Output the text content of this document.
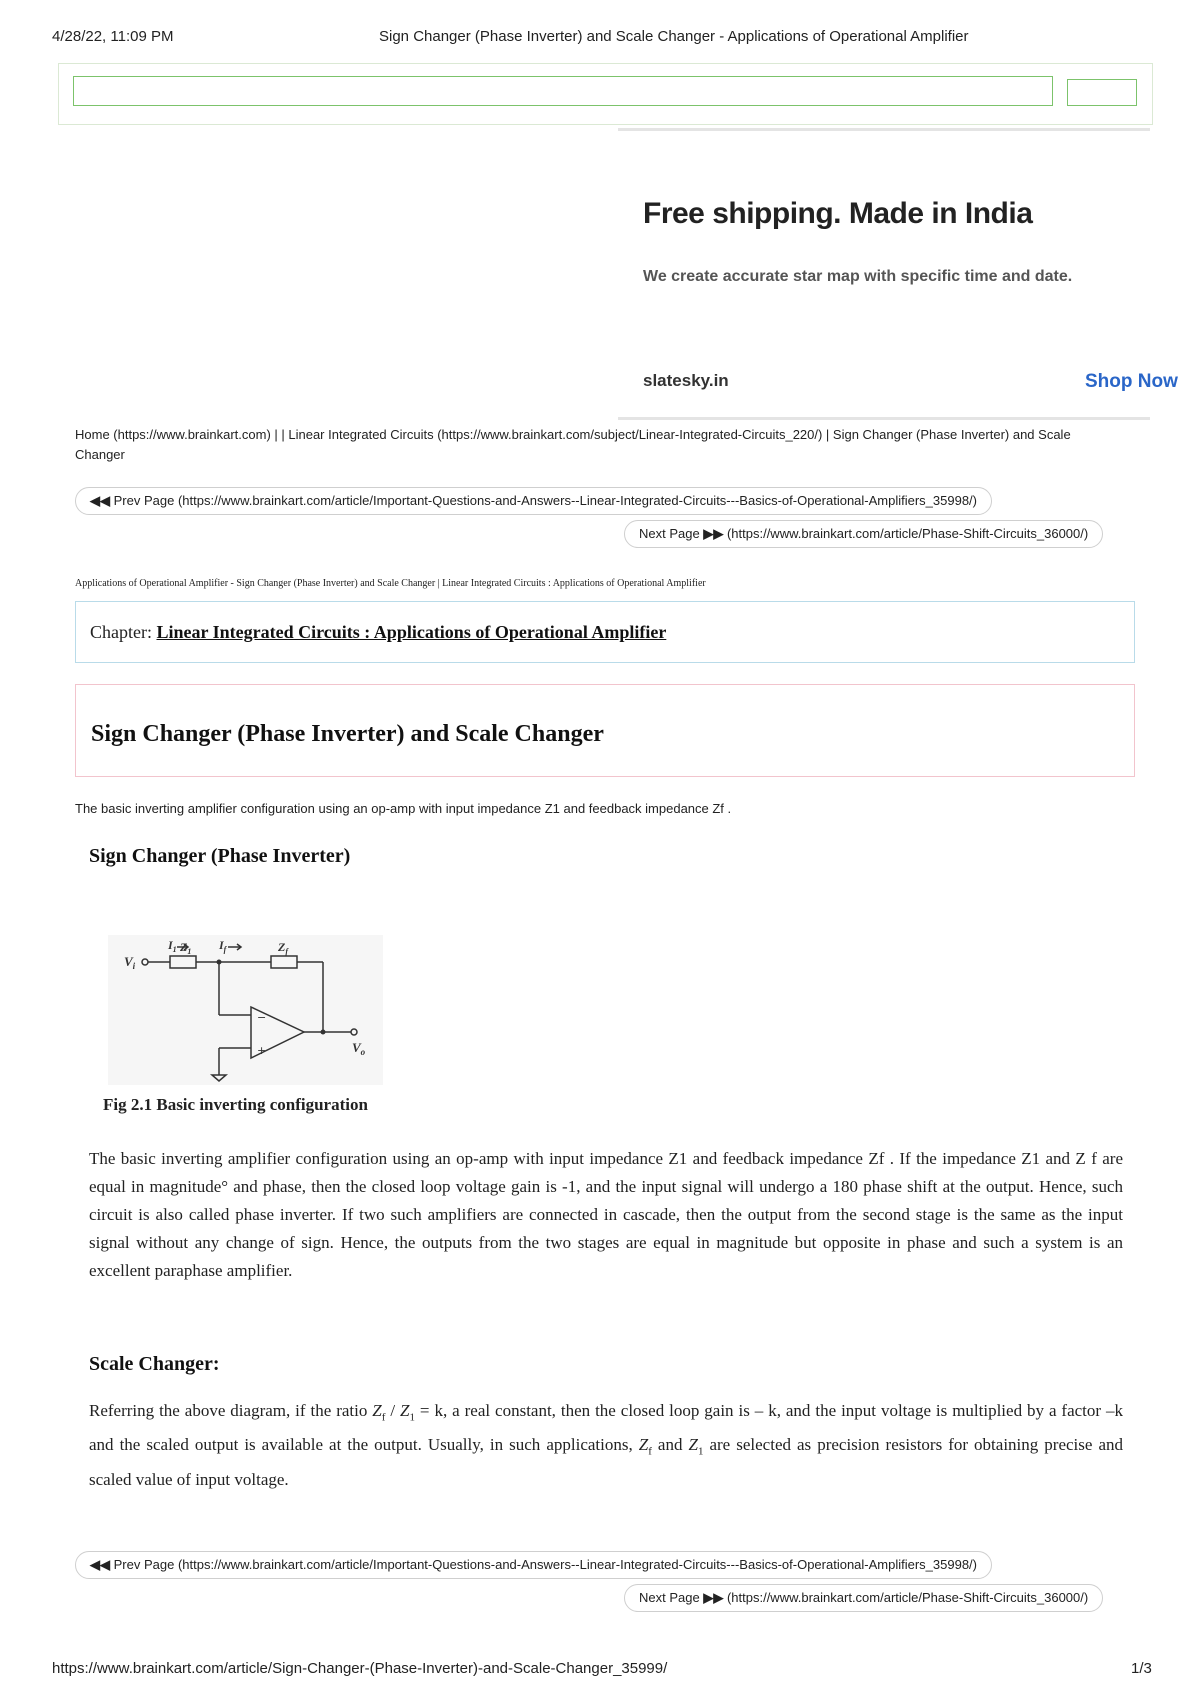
4/28/22, 11:09 PM	Sign Changer (Phase Inverter) and Scale Changer - Applications of Operational Amplifier
Free shipping. Made in India
We create accurate star map with specific time and date.
slatesky.in	Shop Now
Home (https://www.brainkart.com) | | Linear Integrated Circuits (https://www.brainkart.com/subject/Linear-Integrated-Circuits_220/) | Sign Changer (Phase Inverter) and Scale Changer
◀◀ Prev Page (https://www.brainkart.com/article/Important-Questions-and-Answers--Linear-Integrated-Circuits---Basics-of-Operational-Amplifiers_35998/)
Next Page ▶▶ (https://www.brainkart.com/article/Phase-Shift-Circuits_36000/)
Applications of Operational Amplifier - Sign Changer (Phase Inverter) and Scale Changer | Linear Integrated Circuits : Applications of Operational Amplifier
Chapter: Linear Integrated Circuits : Applications of Operational Amplifier
Sign Changer (Phase Inverter) and Scale Changer
The basic inverting amplifier configuration using an op-amp with input impedance Z1 and feedback impedance Zf .
Sign Changer (Phase Inverter)
−
+
$V_i$
$I_1$ $Z_1$ $I_f$	$Z_f$
$V_o$
Fig 2.1 Basic inverting configuration
The basic inverting amplifier configuration using an op-amp with input impedance Z1 and feedback impedance Zf . If the impedance Z1 and Z f are equal in magnitude° and phase, then the closed loop voltage gain is -1, and the input signal will undergo a 180 phase shift at the output. Hence, such circuit is also called phase inverter. If two such amplifiers are connected in cascade, then the output from the second stage is the same as the input signal without any change of sign. Hence, the outputs from the two stages are equal in magnitude but opposite in phase and such a system is an excellent paraphase amplifier.
Scale Changer:
Referring the above diagram, if the ratio $Z_f / Z_1 = k$, a real constant, then the closed loop gain is – k, and the input voltage is multiplied by a factor –k and the scaled output is available at the output. Usually, in such applications, $Z_f$ and $Z_1$ are selected as precision resistors for obtaining precise and scaled value of input voltage.
◀◀ Prev Page (https://www.brainkart.com/article/Important-Questions-and-Answers--Linear-Integrated-Circuits---Basics-of-Operational-Amplifiers_35998/)
Next Page ▶▶ (https://www.brainkart.com/article/Phase-Shift-Circuits_36000/)
https://www.brainkart.com/article/Sign-Changer-(Phase-Inverter)-and-Scale-Changer_35999/	1/3
